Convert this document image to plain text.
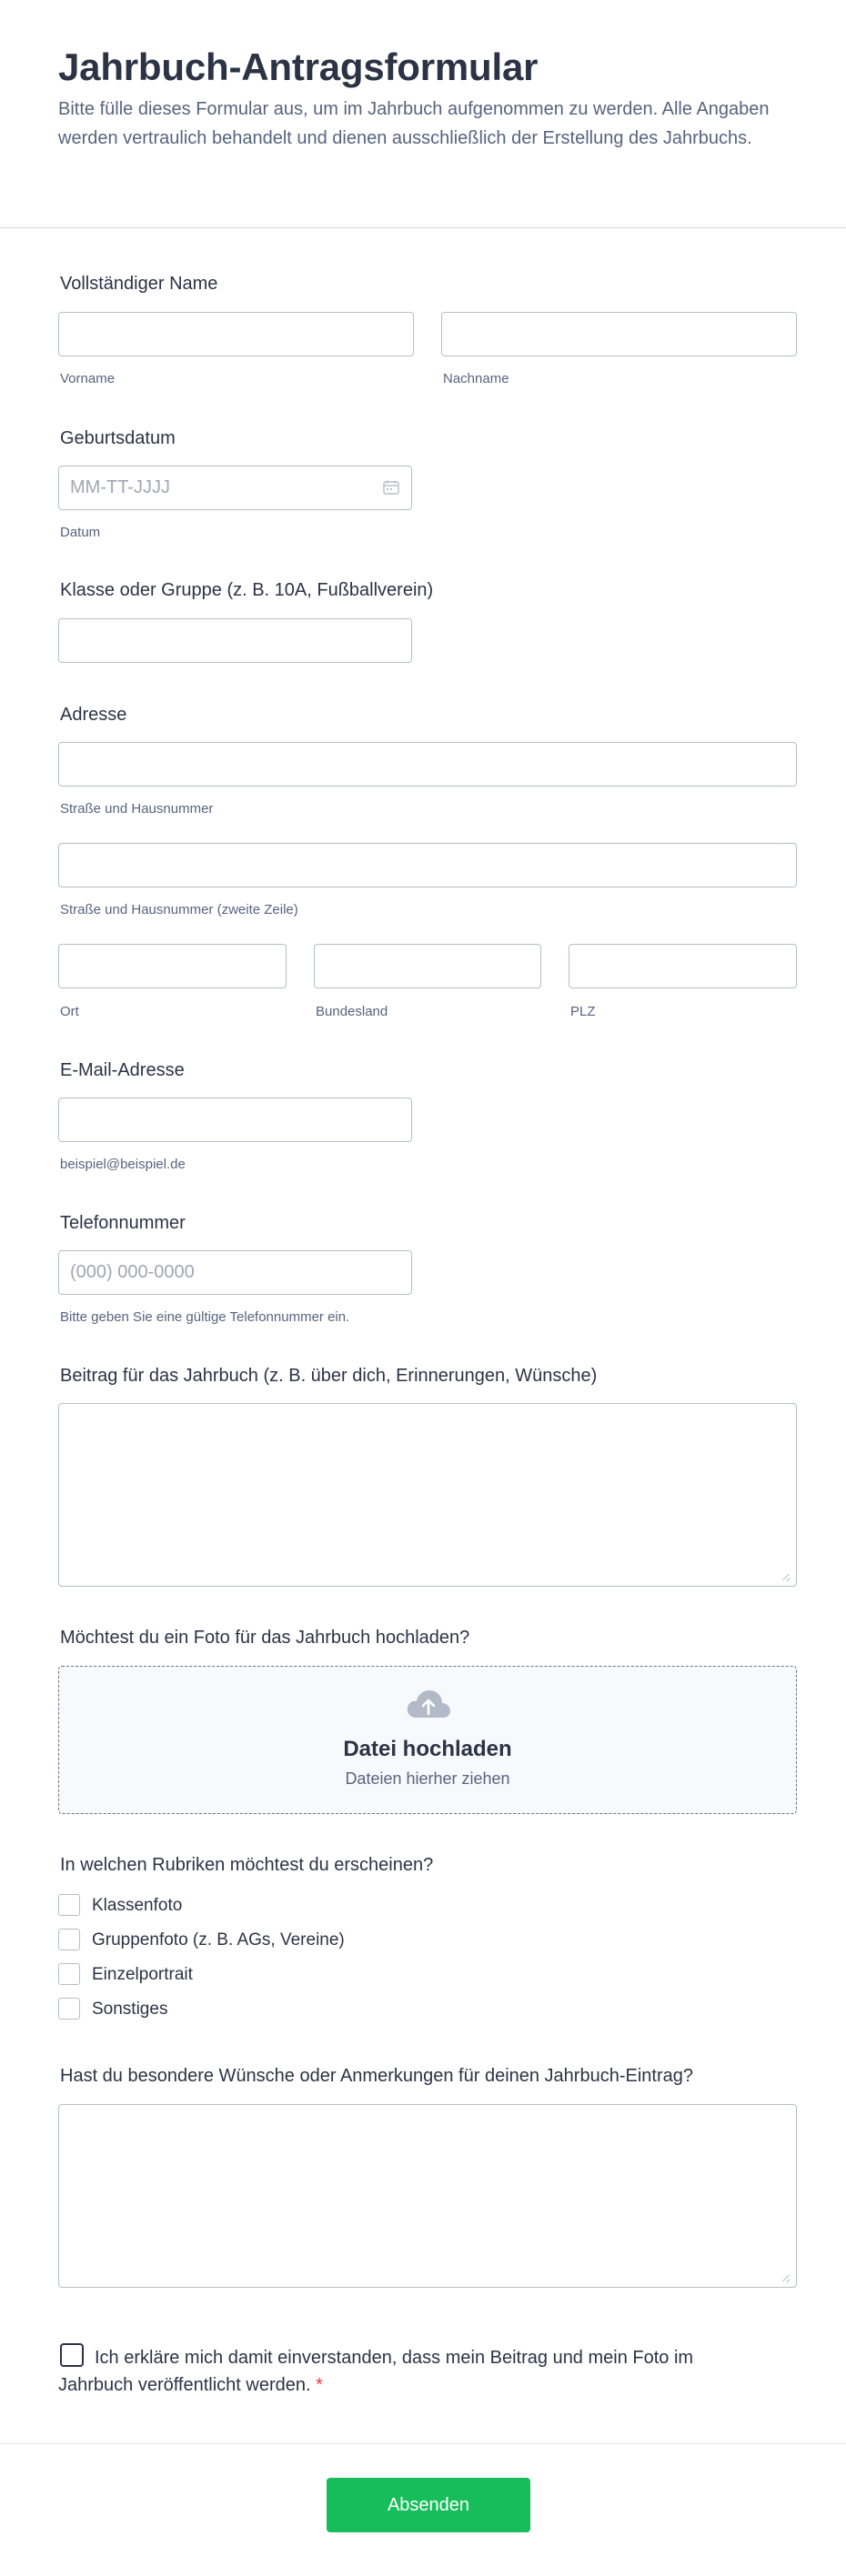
Jahrbuch-Antragsformular

Bitte fülle dieses Formular aus, um im Jahrbuch aufgenommen zu werden. Alle Angaben werden vertraulich behandelt und dienen ausschließlich der Erstellung des Jahrbuchs.

Vollständiger Name
Vorname	Nachname
Geburtsdatum
MM-TT-JJJJ
Datum
Klasse oder Gruppe (z. B. 10A, Fußballverein)
Adresse
Straße und Hausnummer
Straße und Hausnummer (zweite Zeile)
Ort	Bundesland	PLZ
E-Mail-Adresse
beispiel@beispiel.de
Telefonnummer
(000) 000-0000
Bitte geben Sie eine gültige Telefonnummer ein.
Beitrag für das Jahrbuch (z. B. über dich, Erinnerungen, Wünsche)
Möchtest du ein Foto für das Jahrbuch hochladen?
Datei hochladen
Dateien hierher ziehen
In welchen Rubriken möchtest du erscheinen?
Klassenfoto
Gruppenfoto (z. B. AGs, Vereine)
Einzelportrait
Sonstiges
Hast du besondere Wünsche oder Anmerkungen für deinen Jahrbuch-Eintrag?

Ich erkläre mich damit einverstanden, dass mein Beitrag und mein Foto im Jahrbuch veröffentlicht werden. *

Absenden
